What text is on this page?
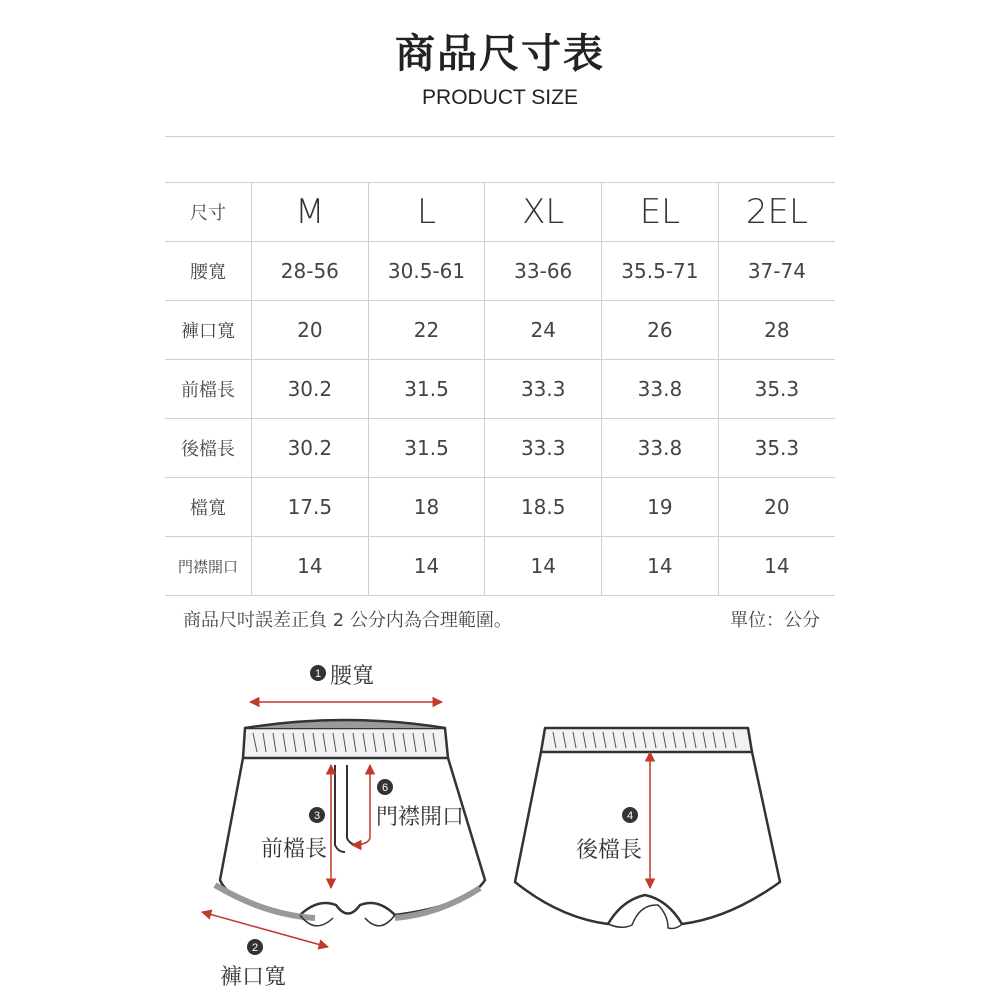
商品尺寸表
PRODUCT SIZE
尺寸	M	L	XL	EL	2EL
腰寬	28-56	30.5-61	33-66	35.5-71	37-74
褲口寬	20	22	24	26	28
前檔長	30.2	31.5	33.3	33.8	35.3
後檔長	30.2	31.5	33.3	33.8	35.3
檔寬	17.5	18	18.5	19	20
門襟開口	14	14	14	14	14
商品尺吋誤差正負 2 公分内為合理範圍。	單位：公分
1
2
3
6
4
腰寬
門襟開口
前檔長	後檔長
褲口寬
